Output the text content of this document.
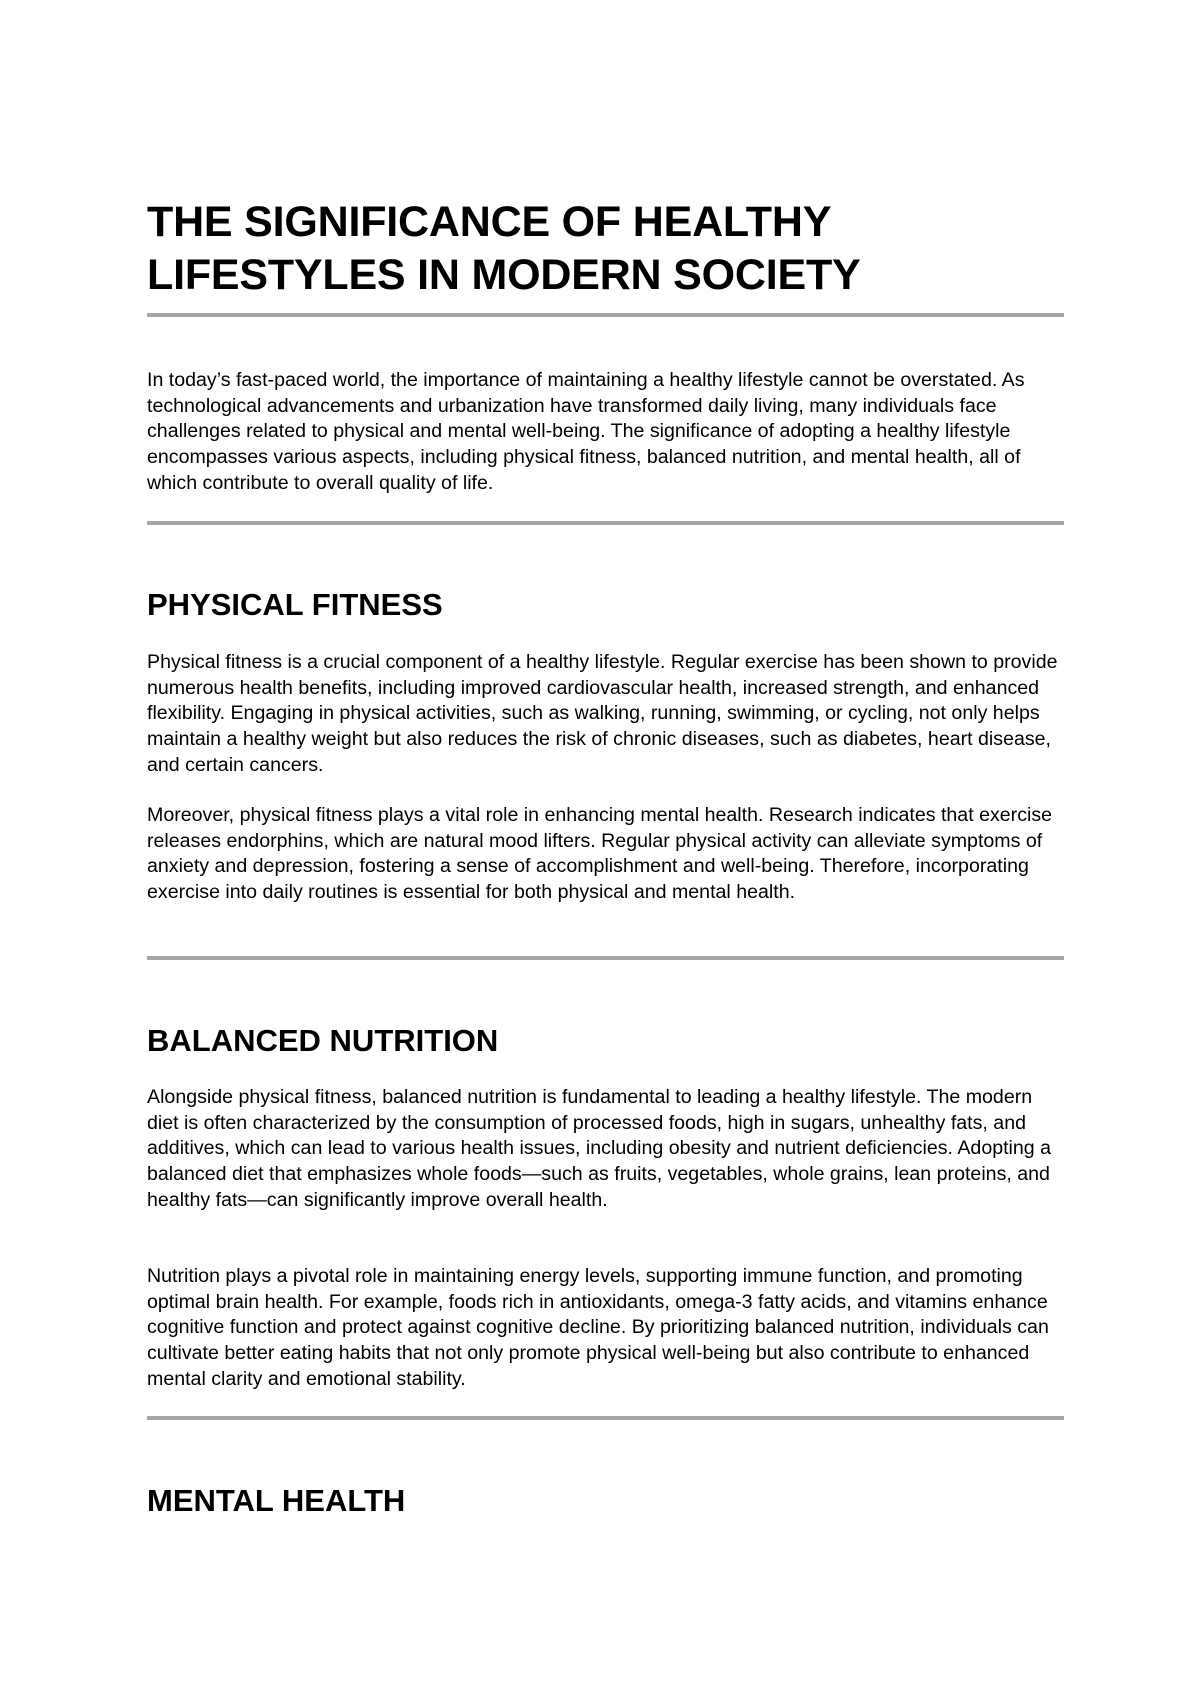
THE SIGNIFICANCE OF HEALTHY LIFESTYLES IN MODERN SOCIETY

In today’s fast-paced world, the importance of maintaining a healthy lifestyle cannot be overstated. As technological advancements and urbanization have transformed daily living, many individuals face challenges related to physical and mental well-being. The significance of adopting a healthy lifestyle encompasses various aspects, including physical fitness, balanced nutrition, and mental health, all of which contribute to overall quality of life.

PHYSICAL FITNESS

Physical fitness is a crucial component of a healthy lifestyle. Regular exercise has been shown to provide numerous health benefits, including improved cardiovascular health, increased strength, and enhanced flexibility. Engaging in physical activities, such as walking, running, swimming, or cycling, not only helps maintain a healthy weight but also reduces the risk of chronic diseases, such as diabetes, heart disease, and certain cancers.

Moreover, physical fitness plays a vital role in enhancing mental health. Research indicates that exercise releases endorphins, which are natural mood lifters. Regular physical activity can alleviate symptoms of anxiety and depression, fostering a sense of accomplishment and well-being. Therefore, incorporating exercise into daily routines is essential for both physical and mental health.

BALANCED NUTRITION

Alongside physical fitness, balanced nutrition is fundamental to leading a healthy lifestyle. The modern diet is often characterized by the consumption of processed foods, high in sugars, unhealthy fats, and additives, which can lead to various health issues, including obesity and nutrient deficiencies. Adopting a balanced diet that emphasizes whole foods—such as fruits, vegetables, whole grains, lean proteins, and healthy fats—can significantly improve overall health.

Nutrition plays a pivotal role in maintaining energy levels, supporting immune function, and promoting optimal brain health. For example, foods rich in antioxidants, omega-3 fatty acids, and vitamins enhance cognitive function and protect against cognitive decline. By prioritizing balanced nutrition, individuals can cultivate better eating habits that not only promote physical well-being but also contribute to enhanced mental clarity and emotional stability.

MENTAL HEALTH
